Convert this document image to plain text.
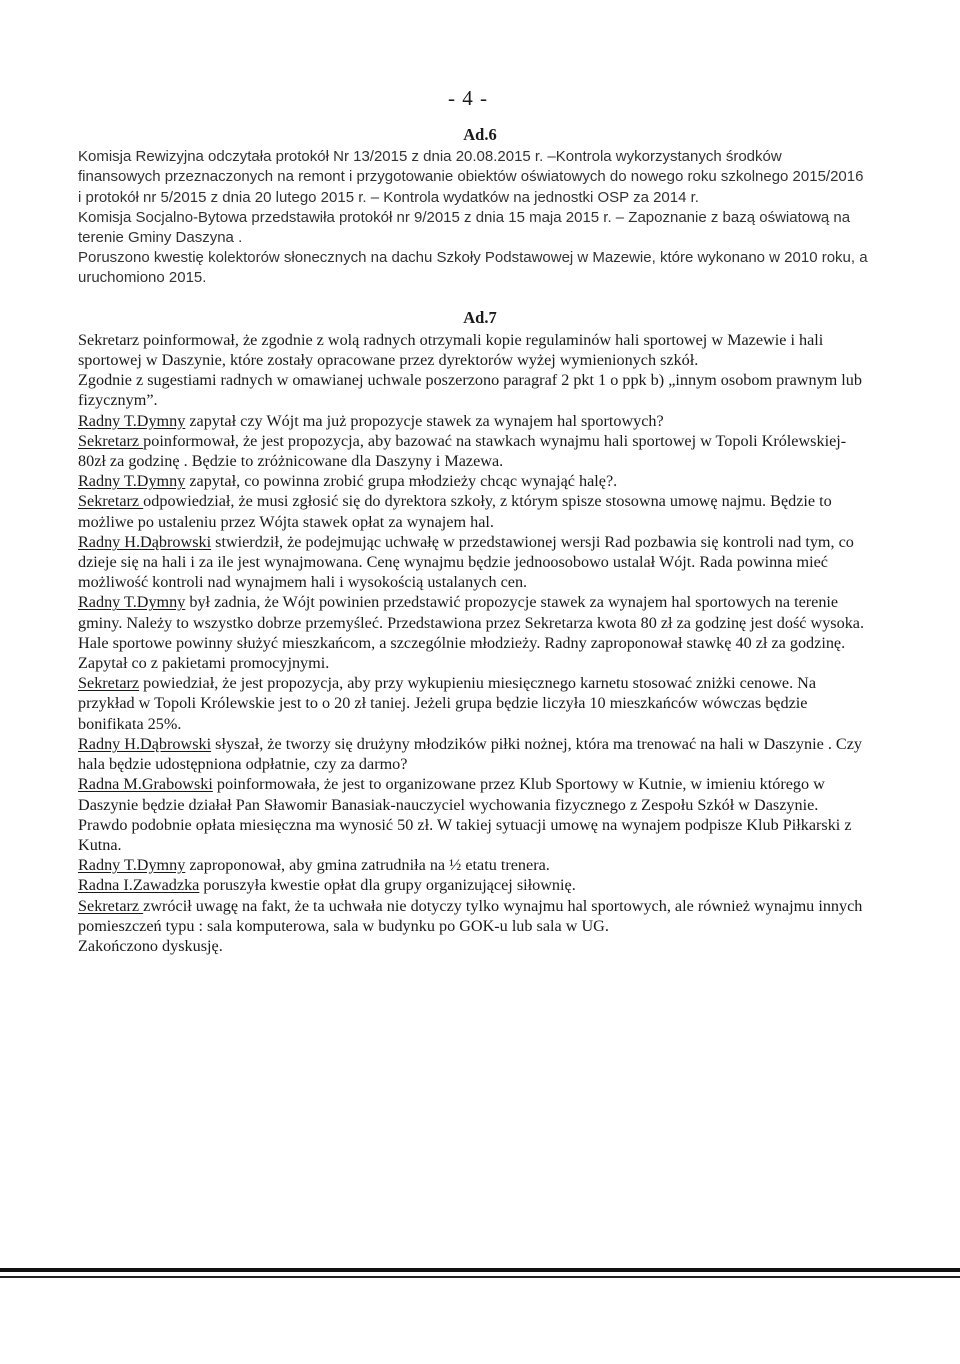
- 4 -

Ad.6

Komisja Rewizyjna odczytała protokół Nr 13/2015 z dnia 20.08.2015 r. –Kontrola wykorzystanych środków finansowych przeznaczonych na remont i przygotowanie obiektów oświatowych do nowego roku szkolnego 2015/2016 i protokół nr 5/2015 z dnia 20 lutego 2015 r. – Kontrola wydatków na jednostki OSP za 2014 r.

Komisja Socjalno-Bytowa przedstawiła protokół nr 9/2015 z dnia 15 maja 2015 r. – Zapoznanie z bazą oświatową na terenie Gminy Daszyna .

Poruszono kwestię kolektorów słonecznych na dachu Szkoły Podstawowej w Mazewie, które wykonano w 2010 roku, a uruchomiono 2015.

Ad.7

Sekretarz poinformował, że zgodnie z wolą radnych otrzymali kopie regulaminów hali sportowej w Mazewie i hali sportowej w Daszynie, które zostały opracowane przez dyrektorów wyżej wymienionych szkół.

Zgodnie z sugestiami radnych w omawianej uchwale poszerzono paragraf 2 pkt 1 o ppk b) „innym osobom prawnym lub fizycznym”.

Radny T.Dymny zapytał czy Wójt ma już propozycje stawek za wynajem hal sportowych?

Sekretarz poinformował, że jest propozycja, aby bazować na stawkach wynajmu hali sportowej w Topoli Królewskiej-80zł za godzinę . Będzie to zróżnicowane dla Daszyny i Mazewa.

Radny T.Dymny zapytał, co powinna zrobić grupa młodzieży chcąc wynająć halę?.

Sekretarz odpowiedział, że musi zgłosić się do dyrektora szkoły, z którym spisze stosowna umowę najmu. Będzie to możliwe po ustaleniu przez Wójta stawek opłat za wynajem hal.

Radny H.Dąbrowski stwierdził, że podejmując uchwałę w przedstawionej wersji Rad pozbawia się kontroli nad tym, co dzieje się na hali i za ile jest wynajmowana. Cenę wynajmu będzie jednoosobowo ustalał Wójt. Rada powinna mieć możliwość kontroli nad wynajmem hali i wysokością ustalanych cen.

Radny T.Dymny był zadnia, że Wójt powinien przedstawić propozycje stawek za wynajem hal sportowych na terenie gminy. Należy to wszystko dobrze przemyśleć. Przedstawiona przez Sekretarza kwota 80 zł za godzinę jest dość wysoka. Hale sportowe powinny służyć mieszkańcom, a szczególnie młodzieży. Radny zaproponował stawkę 40 zł za godzinę. Zapytał co z pakietami promocyjnymi.

Sekretarz powiedział, że jest propozycja, aby przy wykupieniu miesięcznego karnetu stosować zniżki cenowe. Na przykład w Topoli Królewskie jest to o 20 zł taniej. Jeżeli grupa będzie liczyła 10 mieszkańców wówczas będzie bonifikata 25%.

Radny H.Dąbrowski słyszał, że tworzy się drużyny młodzików piłki nożnej, która ma trenować na hali w Daszynie . Czy hala będzie udostępniona odpłatnie, czy za darmo?

Radna M.Grabowski poinformowała, że jest to organizowane przez Klub Sportowy w Kutnie, w imieniu którego w Daszynie będzie działał Pan Sławomir Banasiak-nauczyciel wychowania fizycznego z Zespołu Szkół w Daszynie. Prawdo podobnie opłata miesięczna ma wynosić 50 zł. W takiej sytuacji umowę na wynajem podpisze Klub Piłkarski z Kutna.

Radny T.Dymny zaproponował, aby gmina zatrudniła na ½ etatu trenera.

Radna I.Zawadzka poruszyła kwestie opłat dla grupy organizującej siłownię.

Sekretarz zwrócił uwagę na fakt, że ta uchwała nie dotyczy tylko wynajmu hal sportowych, ale również wynajmu innych pomieszczeń typu : sala komputerowa, sala w budynku po GOK-u lub sala w UG.

Zakończono dyskusję.
